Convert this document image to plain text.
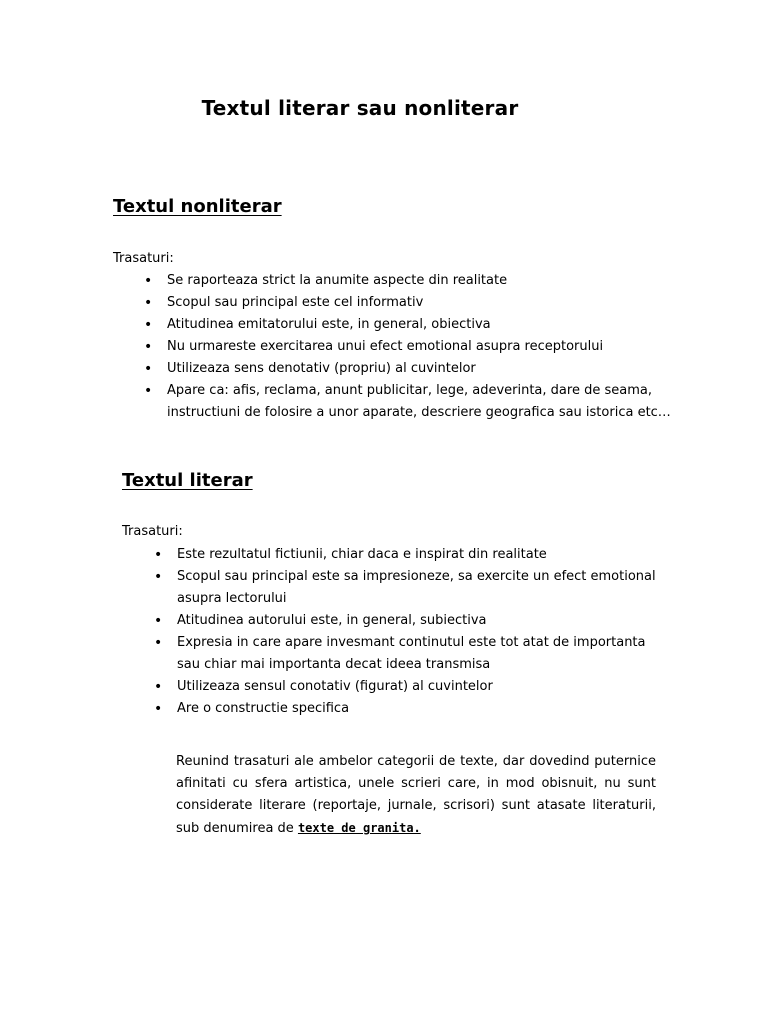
Textul literar sau nonliterar
Textul nonliterar
Trasaturi:
• Se raporteaza strict la anumite aspecte din realitate
• Scopul sau principal este cel informativ
• Atitudinea emitatorului este, in general, obiectiva
• Nu urmareste exercitarea unui efect emotional asupra receptorului
• Utilizeaza sens denotativ (propriu) al cuvintelor
• Apare ca: afis, reclama, anunt publicitar, lege, adeverinta, dare de seama, instructiuni de folosire a unor aparate, descriere geografica sau istorica etc…
Textul literar
Trasaturi:
• Este rezultatul fictiunii, chiar daca e inspirat din realitate
• Scopul sau principal este sa impresioneze, sa exercite un efect emotional asupra lectorului
• Atitudinea autorului este, in general, subiectiva
• Expresia in care apare invesmant continutul este tot atat de importanta sau chiar mai importanta decat ideea transmisa
• Utilizeaza sensul conotativ (figurat) al cuvintelor
• Are o constructie specifica

Reunind trasaturi ale ambelor categorii de texte, dar dovedind puternice afinitati cu sfera artistica, unele scrieri care, in mod obisnuit, nu sunt considerate literare (reportaje, jurnale, scrisori) sunt atasate literaturii, sub denumirea de texte de granita.
